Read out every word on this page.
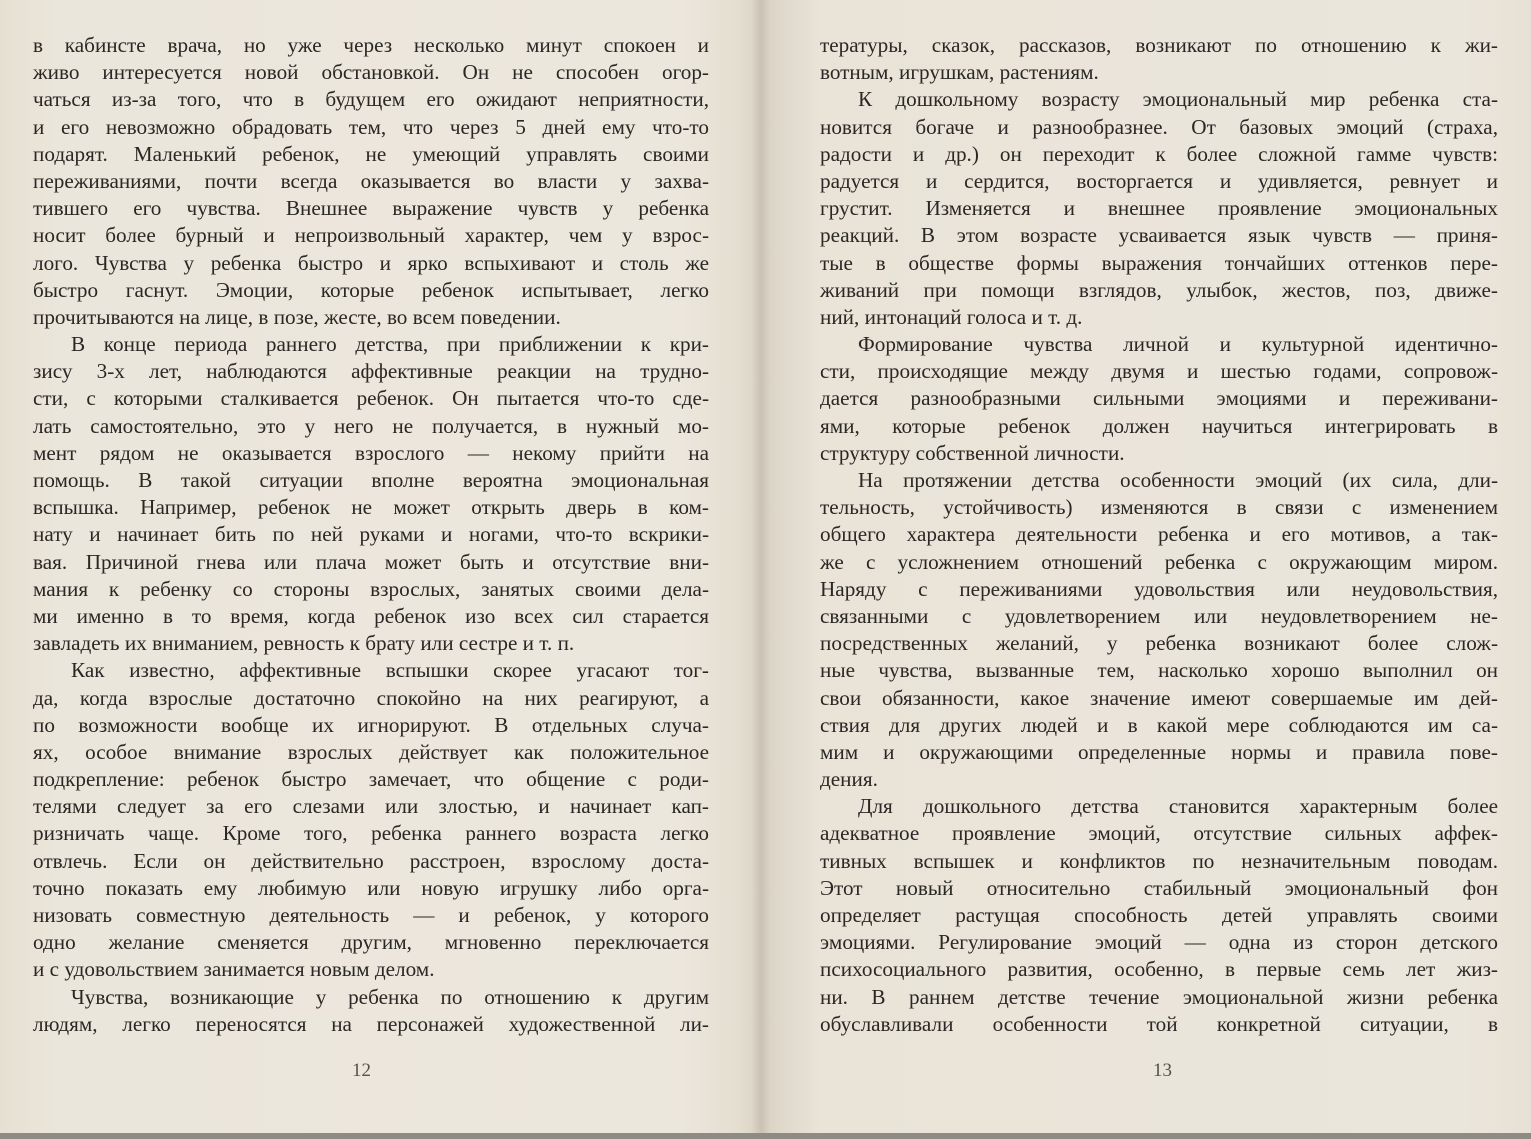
в кабинсте врача, но уже через несколько минут спокоен и
живо интересуется новой обстановкой. Он не способен огор-
чаться из-за того, что в будущем его ожидают неприятности,
и его невозможно обрадовать тем, что через 5 дней ему что-то
подарят. Маленький ребенок, не умеющий управлять своими
переживаниями, почти всегда оказывается во власти у захва-
тившего его чувства. Внешнее выражение чувств у ребенка
носит более бурный и непроизвольный характер, чем у взрос-
лого. Чувства у ребенка быстро и ярко вспыхивают и столь же
быстро гаснут. Эмоции, которые ребенок испытывает, легко
прочитываются на лице, в позе, жесте, во всем поведении.
В конце периода раннего детства, при приближении к кри-
зису 3-х лет, наблюдаются аффективные реакции на трудно-
сти, с которыми сталкивается ребенок. Он пытается что-то сде-
лать самостоятельно, это у него не получается, в нужный мо-
мент рядом не оказывается взрослого — некому прийти на
помощь. В такой ситуации вполне вероятна эмоциональная
вспышка. Например, ребенок не может открыть дверь в ком-
нату и начинает бить по ней руками и ногами, что-то вскрики-
вая. Причиной гнева или плача может быть и отсутствие вни-
мания к ребенку со стороны взрослых, занятых своими дела-
ми именно в то время, когда ребенок изо всех сил старается
завладеть их вниманием, ревность к брату или сестре и т. п.
Как известно, аффективные вспышки скорее угасают тог-
да, когда взрослые достаточно спокойно на них реагируют, а
по возможности вообще их игнорируют. В отдельных случа-
ях, особое внимание взрослых действует как положительное
подкрепление: ребенок быстро замечает, что общение с роди-
телями следует за его слезами или злостью, и начинает кап-
ризничать чаще. Кроме того, ребенка раннего возраста легко
отвлечь. Если он действительно расстроен, взрослому доста-
точно показать ему любимую или новую игрушку либо орга-
низовать совместную деятельность — и ребенок, у которого
одно желание сменяется другим, мгновенно переключается
и с удовольствием занимается новым делом.
Чувства, возникающие у ребенка по отношению к другим
людям, легко переносятся на персонажей художественной ли-
тературы, сказок, рассказов, возникают по отношению к жи-
вотным, игрушкам, растениям.
К дошкольному возрасту эмоциональный мир ребенка ста-
новится богаче и разнообразнее. От базовых эмоций (страха,
радости и др.) он переходит к более сложной гамме чувств:
радуется и сердится, восторгается и удивляется, ревнует и
грустит. Изменяется и внешнее проявление эмоциональных
реакций. В этом возрасте усваивается язык чувств — приня-
тые в обществе формы выражения тончайших оттенков пере-
живаний при помощи взглядов, улыбок, жестов, поз, движе-
ний, интонаций голоса и т. д.
Формирование чувства личной и культурной идентично-
сти, происходящие между двумя и шестью годами, сопровож-
дается разнообразными сильными эмоциями и переживани-
ями, которые ребенок должен научиться интегрировать в
структуру собственной личности.
На протяжении детства особенности эмоций (их сила, дли-
тельность, устойчивость) изменяются в связи с изменением
общего характера деятельности ребенка и его мотивов, а так-
же с усложнением отношений ребенка с окружающим миром.
Наряду с переживаниями удовольствия или неудовольствия,
связанными с удовлетворением или неудовлетворением не-
посредственных желаний, у ребенка возникают более слож-
ные чувства, вызванные тем, насколько хорошо выполнил он
свои обязанности, какое значение имеют совершаемые им дей-
ствия для других людей и в какой мере соблюдаются им са-
мим и окружающими определенные нормы и правила пове-
дения.
Для дошкольного детства становится характерным более
адекватное проявление эмоций, отсутствие сильных аффек-
тивных вспышек и конфликтов по незначительным поводам.
Этот новый относительно стабильный эмоциональный фон
определяет растущая способность детей управлять своими
эмоциями. Регулирование эмоций — одна из сторон детского
психосоциального развития, особенно, в первые семь лет жиз-
ни. В раннем детстве течение эмоциональной жизни ребенка
обуславливали особенности той конкретной ситуации, в
12	13
